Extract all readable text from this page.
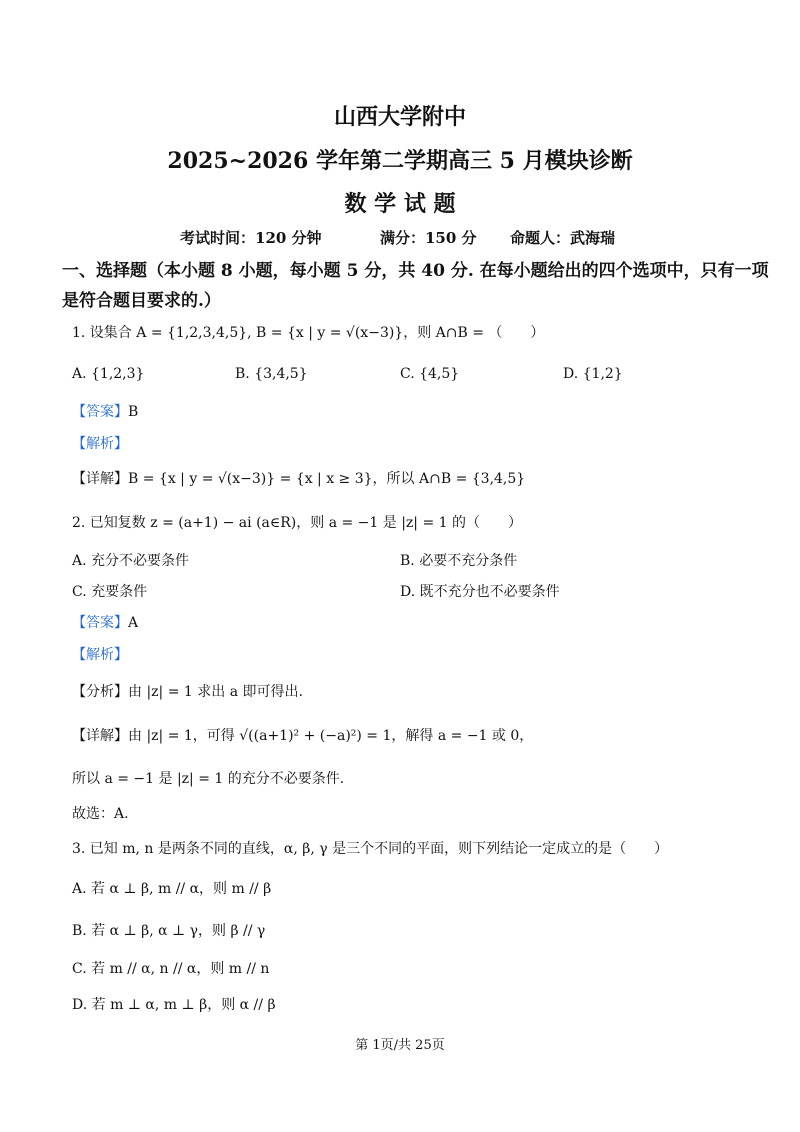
山西大学附中
2025~2026 学年第二学期高三 5 月模块诊断
数 学 试 题
考试时间：120 分钟	满分：150 分 命题人：武海瑞
一、选择题（本小题 8 小题，每小题 5 分，共 40 分. 在每小题给出的四个选项中，只有一项
是符合题目要求的.）
1. 设集合 A = {1,2,3,4,5}, B = {x | y = √(x−3)}，则 A∩B = （　　）
A. {1,2,3}	B. {3,4,5}	C. {4,5}	D. {1,2}
【答案】B
【解析】
【详解】B = {x | y = √(x−3)} = {x | x ≥ 3}，所以 A∩B = {3,4,5}
2. 已知复数 z = (a+1) − ai (a∈R)，则 a = −1 是 |z| = 1 的（　　）
A. 充分不必要条件	B. 必要不充分条件
C. 充要条件	D. 既不充分也不必要条件
【答案】A
【解析】
【分析】由 |z| = 1 求出 a 即可得出.
【详解】由 |z| = 1，可得 √((a+1)² + (−a)²) = 1，解得 a = −1 或 0，
所以 a = −1 是 |z| = 1 的充分不必要条件.
故选：A.
3. 已知 m, n 是两条不同的直线，α, β, γ 是三个不同的平面，则下列结论一定成立的是（　　）
A. 若 α ⊥ β, m // α，则 m // β
B. 若 α ⊥ β, α ⊥ γ，则 β // γ
C. 若 m // α, n // α，则 m // n
D. 若 m ⊥ α, m ⊥ β，则 α // β
第 1页/共 25页
